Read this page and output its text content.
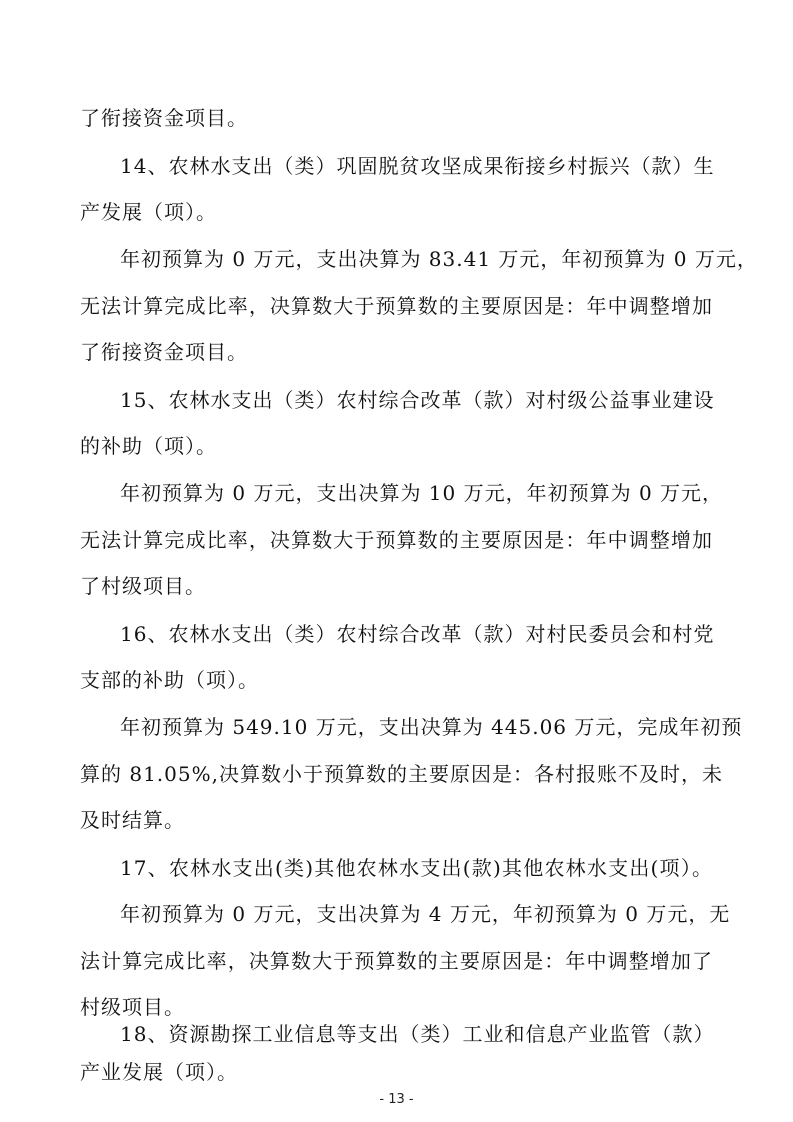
了衔接资金项目。
14、农林水支出（类）巩固脱贫攻坚成果衔接乡村振兴（款）生
产发展（项）。
年初预算为 0 万元，支出决算为 83.41 万元，年初预算为 0 万元，
无法计算完成比率，决算数大于预算数的主要原因是：年中调整增加
了衔接资金项目。
15、农林水支出（类）农村综合改革（款）对村级公益事业建设
的补助（项）。
年初预算为 0 万元，支出决算为 10 万元，年初预算为 0 万元，
无法计算完成比率，决算数大于预算数的主要原因是：年中调整增加
了村级项目。
16、农林水支出（类）农村综合改革（款）对村民委员会和村党
支部的补助（项）。
年初预算为 549.10 万元，支出决算为 445.06 万元，完成年初预
算的 81.05%,决算数小于预算数的主要原因是：各村报账不及时，未
及时结算。
17、农林水支出(类)其他农林水支出(款)其他农林水支出(项）。
年初预算为 0 万元，支出决算为 4 万元，年初预算为 0 万元，无
法计算完成比率，决算数大于预算数的主要原因是：年中调整增加了
村级项目。
18、资源勘探工业信息等支出（类）工业和信息产业监管（款）
产业发展（项）。
- 13 -
